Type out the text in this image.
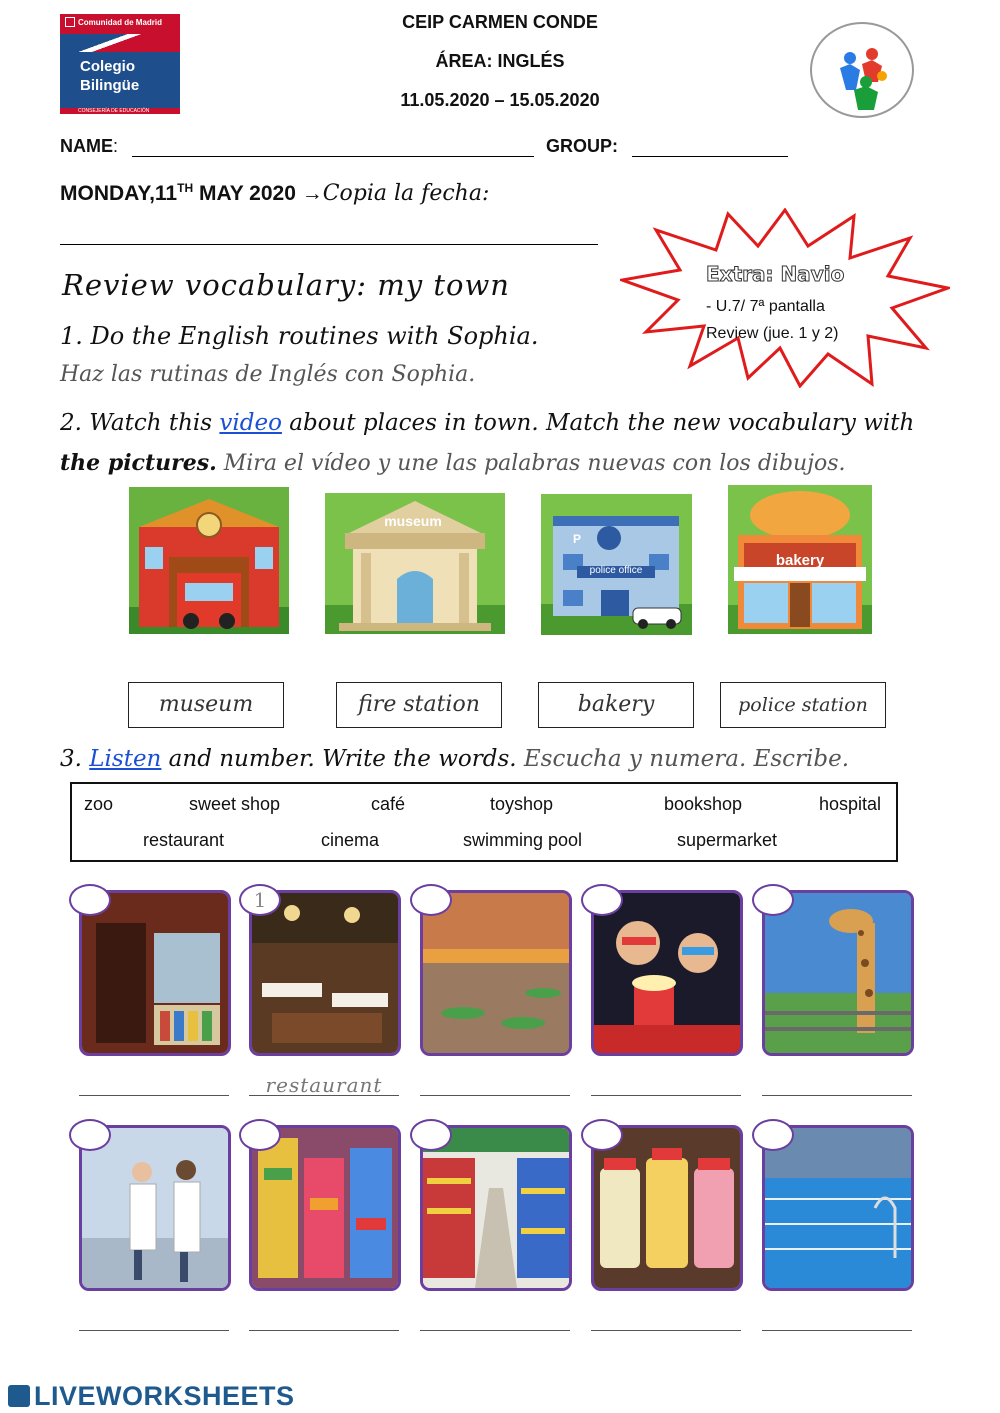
Comunidad de Madrid
Colegio
Bilingüe
CONSEJERÍA DE EDUCACIÓN
CEIP CARMEN CONDE
ÁREA: INGLÉS
11.05.2020 – 15.05.2020
NAME:	GROUP:
MONDAY,11TH MAY 2020 →Copia la fecha:
Review vocabulary: my town	Extra: Navio
- U.7/ 7ª pantalla
Review (jue. 1 y 2)
1. Do the English routines with Sophia.
Haz las rutinas de Inglés con Sophia.
2. Watch this video about places in town. Match the new vocabulary with
the pictures. Mira el vídeo y une las palabras nuevas con los dibujos.
museum
P
police office
bakery
museum	fire station	bakery	police station
3. Listen and number. Write the words. Escucha y numera. Escribe.
zoo	sweet shop	café	toyshop	bookshop	hospital
restaurant	cinema	swimming pool	supermarket
1
restaurant
LIVEWORKSHEETS
